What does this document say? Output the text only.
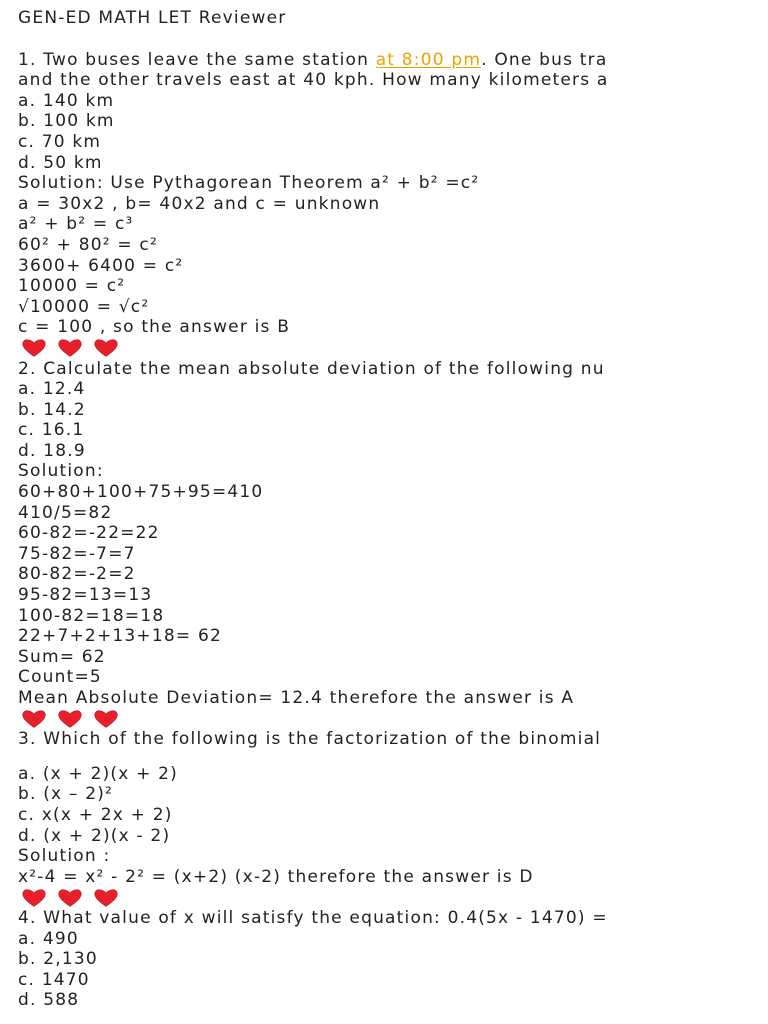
GEN-ED MATH LET Reviewer
1. Two buses leave the same station at 8:00 pm. One bus tra
and the other travels east at 40 kph. How many kilometers a
a. 140 km
b. 100 km
c. 70 km
d. 50 km
Solution: Use Pythagorean Theorem a² + b² =c²
a = 30x2 , b= 40x2 and c = unknown
a² + b² = c³
60² + 80² = c²
3600+ 6400 = c²
10000 = c²
√10000 = √c²
c = 100 , so the answer is B
2. Calculate the mean absolute deviation of the following nu
a. 12.4
b. 14.2
c. 16.1
d. 18.9
Solution:
60+80+100+75+95=410
410/5=82
60-82=-22=22
75-82=-7=7
80-82=-2=2
95-82=13=13
100-82=18=18
22+7+2+13+18= 62
Sum= 62
Count=5
Mean Absolute Deviation= 12.4 therefore the answer is A
3. Which of the following is the factorization of the binomial
a. (x + 2)(x + 2)
b. (x – 2)²
c. x(x + 2x + 2)
d. (x + 2)(x - 2)
Solution :
x²-4 = x² - 2² = (x+2) (x-2) therefore the answer is D
4. What value of x will satisfy the equation: 0.4(5x - 1470) =
a. 490
b. 2,130
c. 1470
d. 588
